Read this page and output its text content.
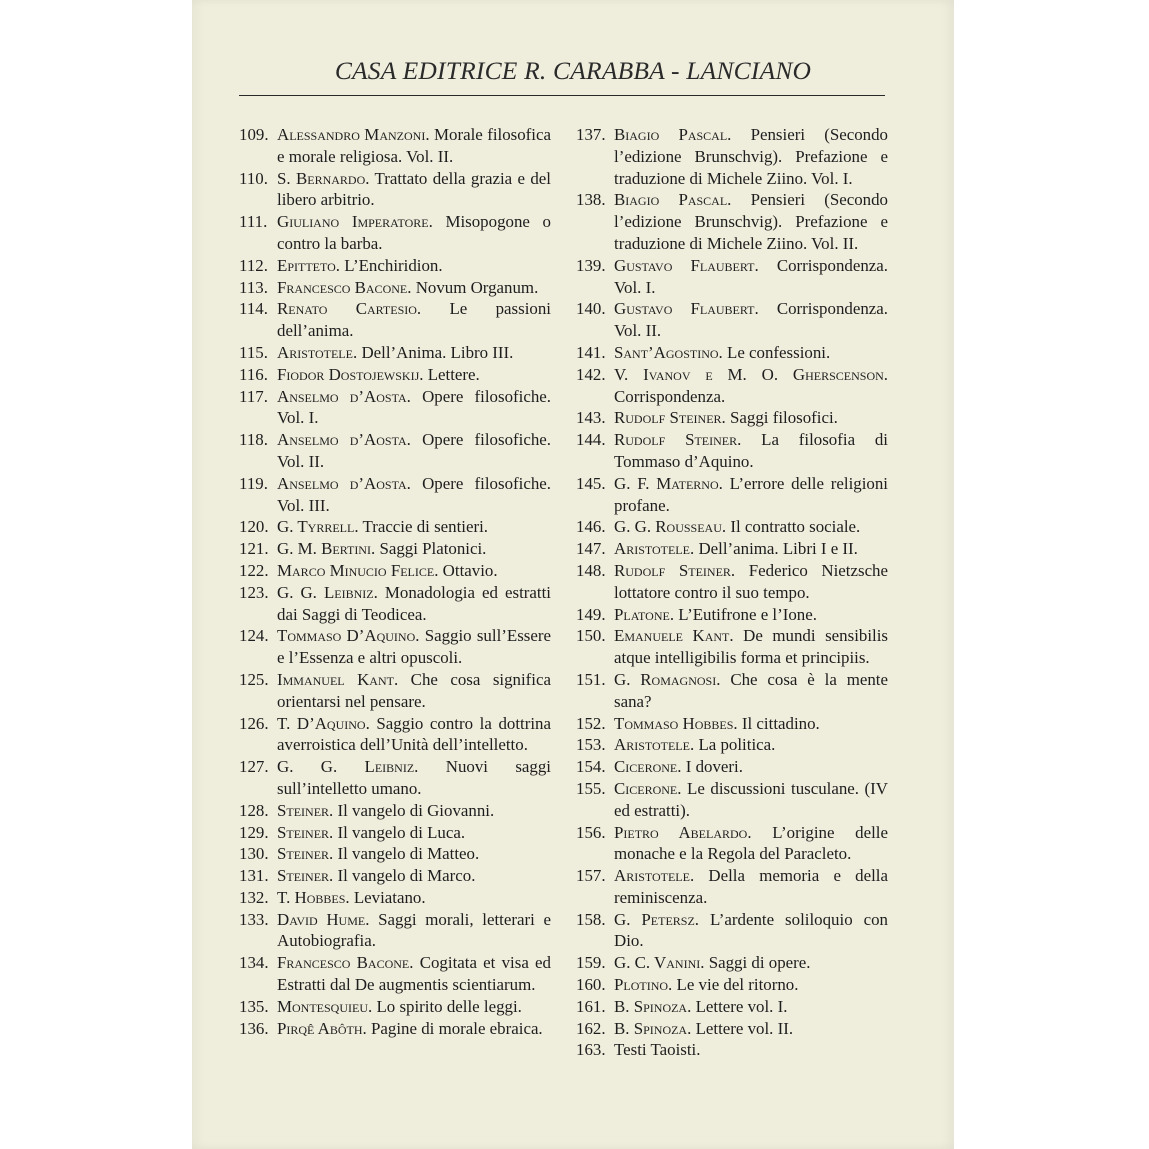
CASA EDITRICE R. CARABBA - LANCIANO
109. Alessandro Manzoni. Morale filosofica e morale religiosa. Vol. II.
110. S. Bernardo. Trattato della grazia e del libero arbitrio.
111. Giuliano Imperatore. Misopogone o contro la barba.
112. Epitteto. L’Enchiridion.
113. Francesco Bacone. Novum Organum.
114. Renato Cartesio. Le passioni dell’anima.
115. Aristotele. Dell’Anima. Libro III.
116. Fiodor Dostojewskij. Lettere.
117. Anselmo d’Aosta. Opere filosofiche. Vol. I.
118. Anselmo d’Aosta. Opere filosofiche. Vol. II.
119. Anselmo d’Aosta. Opere filosofiche. Vol. III.
120. G. Tyrrell. Traccie di sentieri.
121. G. M. Bertini. Saggi Platonici.
122. Marco Minucio Felice. Ottavio.
123. G. G. Leibniz. Monadologia ed estratti dai Saggi di Teodicea.
124. Tommaso D’Aquino. Saggio sull’Essere e l’Essenza e altri opuscoli.
125. Immanuel Kant. Che cosa significa orientarsi nel pensare.
126. T. D’Aquino. Saggio contro la dottrina averroistica dell’Unità dell’intelletto.
127. G. G. Leibniz. Nuovi saggi sull’intelletto umano.
128. Steiner. Il vangelo di Giovanni.
129. Steiner. Il vangelo di Luca.
130. Steiner. Il vangelo di Matteo.
131. Steiner. Il vangelo di Marco.
132. T. Hobbes. Leviatano.
133. David Hume. Saggi morali, letterari e Autobiografia.
134. Francesco Bacone. Cogitata et visa ed Estratti dal De augmentis scientiarum.
135. Montesquieu. Lo spirito delle leggi.
136. Pirqê Abôth. Pagine di morale ebraica.
137. Biagio Pascal. Pensieri (Secondo l’edizione Brunschvig). Prefazione e traduzione di Michele Ziino. Vol. I.
138. Biagio Pascal. Pensieri (Secondo l’edizione Brunschvig). Prefazione e traduzione di Michele Ziino. Vol. II.
139. Gustavo Flaubert. Corrispondenza. Vol. I.
140. Gustavo Flaubert. Corrispondenza. Vol. II.
141. Sant’Agostino. Le confessioni.
142. V. Ivanov e M. O. Gherscenson. Corrispondenza.
143. Rudolf Steiner. Saggi filosofici.
144. Rudolf Steiner. La filosofia di Tommaso d’Aquino.
145. G. F. Materno. L’errore delle religioni profane.
146. G. G. Rousseau. Il contratto sociale.
147. Aristotele. Dell’anima. Libri I e II.
148. Rudolf Steiner. Federico Nietzsche lottatore contro il suo tempo.
149. Platone. L’Eutifrone e l’Ione.
150. Emanuele Kant. De mundi sensibilis atque intelligibilis forma et principiis.
151. G. Romagnosi. Che cosa è la mente sana?
152. Tommaso Hobbes. Il cittadino.
153. Aristotele. La politica.
154. Cicerone. I doveri.
155. Cicerone. Le discussioni tusculane. (IV ed estratti).
156. Pietro Abelardo. L’origine delle monache e la Regola del Paracleto.
157. Aristotele. Della memoria e della reminiscenza.
158. G. Petersz. L’ardente soliloquio con Dio.
159. G. C. Vanini. Saggi di opere.
160. Plotino. Le vie del ritorno.
161. B. Spinoza. Lettere vol. I.
162. B. Spinoza. Lettere vol. II.
163. Testi Taoisti.
